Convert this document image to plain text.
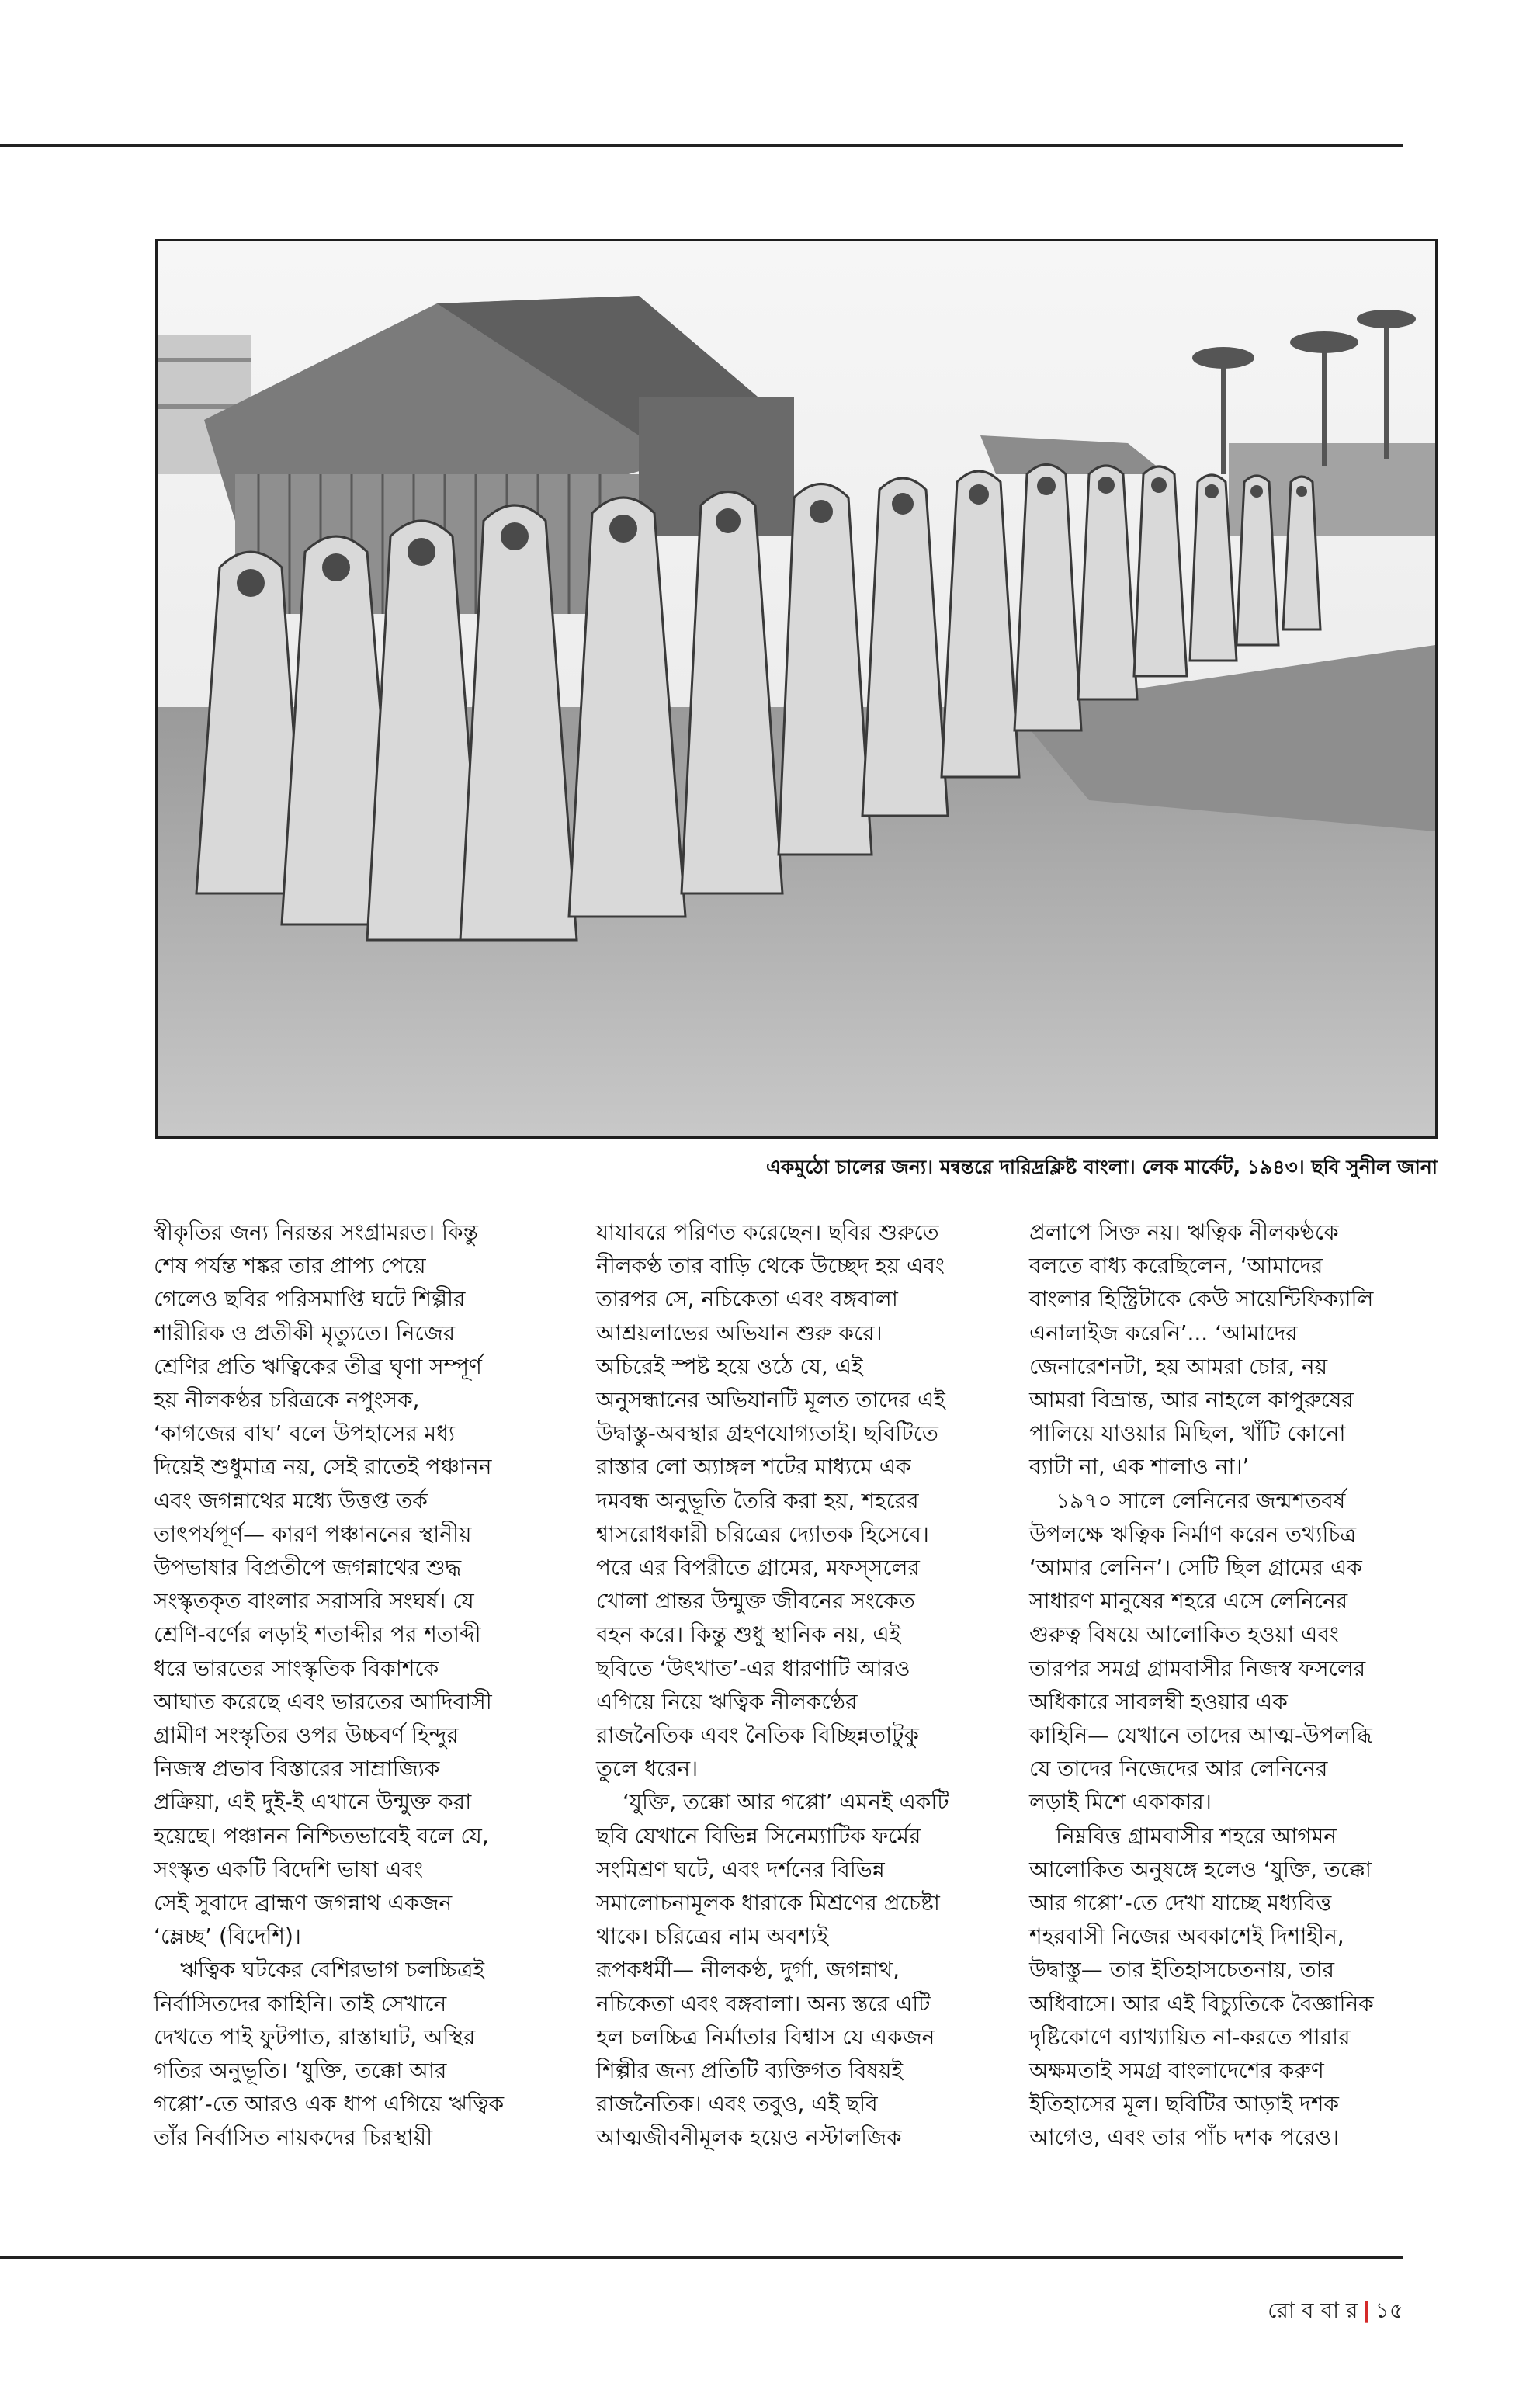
একমুঠো চালের জন্য। মন্বন্তরে দারিদ্রক্লিষ্ট বাংলা। লেক মার্কেট, ১৯৪৩। ছবি সুনীল জানা
স্বীকৃতির জন্য নিরন্তর সংগ্রামরত। কিন্তু
শেষ পর্যন্ত শঙ্কর তার প্রাপ্য পেয়ে
গেলেও ছবির পরিসমাপ্তি ঘটে শিল্পীর
শারীরিক ও প্রতীকী মৃত্যুতে। নিজের
শ্রেণির প্রতি ঋত্বিকের তীব্র ঘৃণা সম্পূর্ণ
হয় নীলকণ্ঠর চরিত্রকে নপুংসক,
‘কাগজের বাঘ’ বলে উপহাসের মধ্য
দিয়েই শুধুমাত্র নয়, সেই রাতেই পঞ্চানন
এবং জগন্নাথের মধ্যে উত্তপ্ত তর্ক
তাৎপর্যপূর্ণ— কারণ পঞ্চাননের স্থানীয়
উপভাষার বিপ্রতীপে জগন্নাথের শুদ্ধ
সংস্কৃতকৃত বাংলার সরাসরি সংঘর্ষ। যে
শ্রেণি-বর্ণের লড়াই শতাব্দীর পর শতাব্দী
ধরে ভারতের সাংস্কৃতিক বিকাশকে
আঘাত করেছে এবং ভারতের আদিবাসী
গ্রামীণ সংস্কৃতির ওপর উচ্চবর্ণ হিন্দুর
নিজস্ব প্রভাব বিস্তারের সাম্রাজ্যিক
প্রক্রিয়া, এই দুই-ই এখানে উন্মুক্ত করা
হয়েছে। পঞ্চানন নিশ্চিতভাবেই বলে যে,
সংস্কৃত একটি বিদেশি ভাষা এবং
সেই সুবাদে ব্রাহ্মণ জগন্নাথ একজন
‘ম্লেচ্ছ’ (বিদেশি)।
ঋত্বিক ঘটকের বেশিরভাগ চলচ্চিত্রই
নির্বাসিতদের কাহিনি। তাই সেখানে
দেখতে পাই ফুটপাত, রাস্তাঘাট, অস্থির
গতির অনুভূতি। ‘যুক্তি, তক্কো আর
গপ্পো’-তে আরও এক ধাপ এগিয়ে ঋত্বিক
তাঁর নির্বাসিত নায়কদের চিরস্থায়ী
যাযাবরে পরিণত করেছেন। ছবির শুরুতে
নীলকণ্ঠ তার বাড়ি থেকে উচ্ছেদ হয় এবং
তারপর সে, নচিকেতা এবং বঙ্গবালা
আশ্রয়লাভের অভিযান শুরু করে।
অচিরেই স্পষ্ট হয়ে ওঠে যে, এই
অনুসন্ধানের অভিযানটি মূলত তাদের এই
উদ্বাস্তু-অবস্থার গ্রহণযোগ্যতাই। ছবিটিতে
রাস্তার লো অ্যাঙ্গল শটের মাধ্যমে এক
দমবন্ধ অনুভূতি তৈরি করা হয়, শহরের
শ্বাসরোধকারী চরিত্রের দ্যোতক হিসেবে।
পরে এর বিপরীতে গ্রামের, মফস্‌সলের
খোলা প্রান্তর উন্মুক্ত জীবনের সংকেত
বহন করে। কিন্তু শুধু স্থানিক নয়, এই
ছবিতে ‘উৎখাত’-এর ধারণাটি আরও
এগিয়ে নিয়ে ঋত্বিক নীলকণ্ঠের
রাজনৈতিক এবং নৈতিক বিচ্ছিন্নতাটুকু
তুলে ধরেন।
‘যুক্তি, তক্কো আর গপ্পো’ এমনই একটি
ছবি যেখানে বিভিন্ন সিনেম্যাটিক ফর্মের
সংমিশ্রণ ঘটে, এবং দর্শনের বিভিন্ন
সমালোচনামূলক ধারাকে মিশ্রণের প্রচেষ্টা
থাকে। চরিত্রের নাম অবশ্যই
রূপকধর্মী— নীলকণ্ঠ, দুর্গা, জগন্নাথ,
নচিকেতা এবং বঙ্গবালা। অন্য স্তরে এটি
হল চলচ্চিত্র নির্মাতার বিশ্বাস যে একজন
শিল্পীর জন্য প্রতিটি ব্যক্তিগত বিষয়ই
রাজনৈতিক। এবং তবুও, এই ছবি
আত্মজীবনীমূলক হয়েও নস্টালজিক
প্রলাপে সিক্ত নয়। ঋত্বিক নীলকণ্ঠকে
বলতে বাধ্য করেছিলেন, ‘আমাদের
বাংলার হিস্ট্রিটাকে কেউ সায়েন্টিফিক্যালি
এনালাইজ করেনি’... ‘আমাদের
জেনারেশনটা, হয় আমরা চোর, নয়
আমরা বিভ্রান্ত, আর নাহলে কাপুরুষের
পালিয়ে যাওয়ার মিছিল, খাঁটি কোনো
ব্যাটা না, এক শালাও না।’
১৯৭০ সালে লেনিনের জন্মশতবর্ষ
উপলক্ষে ঋত্বিক নির্মাণ করেন তথ্যচিত্র
‘আমার লেনিন’। সেটি ছিল গ্রামের এক
সাধারণ মানুষের শহরে এসে লেনিনের
গুরুত্ব বিষয়ে আলোকিত হওয়া এবং
তারপর সমগ্র গ্রামবাসীর নিজস্ব ফসলের
অধিকারে সাবলম্বী হওয়ার এক
কাহিনি— যেখানে তাদের আত্ম-উপলব্ধি
যে তাদের নিজেদের আর লেনিনের
লড়াই মিশে একাকার।
নিম্নবিত্ত গ্রামবাসীর শহরে আগমন
আলোকিত অনুষঙ্গে হলেও ‘যুক্তি, তক্কো
আর গপ্পো’-তে দেখা যাচ্ছে মধ্যবিত্ত
শহরবাসী নিজের অবকাশেই দিশাহীন,
উদ্বাস্তু— তার ইতিহাসচেতনায়, তার
অধিবাসে। আর এই বিচ্যুতিকে বৈজ্ঞানিক
দৃষ্টিকোণে ব্যাখ্যায়িত না-করতে পারার
অক্ষমতাই সমগ্র বাংলাদেশের করুণ
ইতিহাসের মূল। ছবিটির আড়াই দশক
আগেও, এবং তার পাঁচ দশক পরেও।
রো ব বা র | ১৫
